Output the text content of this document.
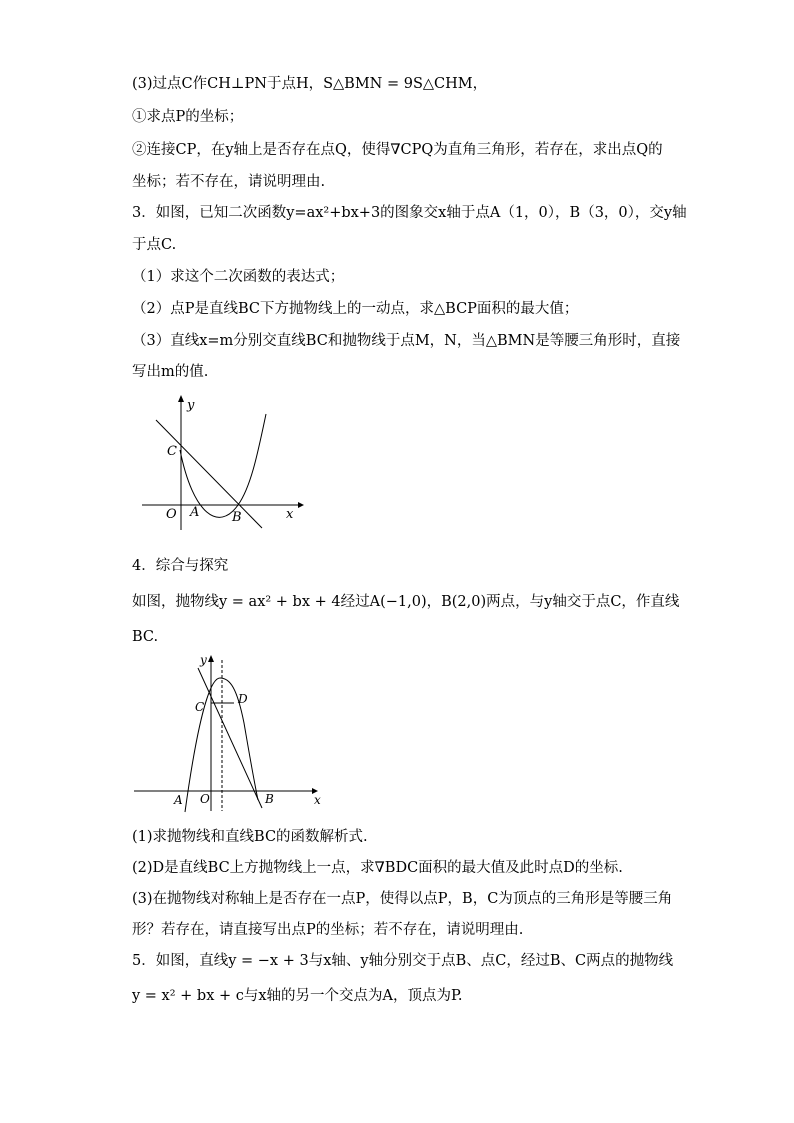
(3)过点C作CH⊥PN于点H，S△BMN = 9S△CHM，
①求点P的坐标；
②连接CP，在y轴上是否存在点Q，使得∇CPQ为直角三角形，若存在，求出点Q的
坐标；若不存在，请说明理由.
3．如图，已知二次函数y=ax²+bx+3的图象交x轴于点A（1，0），B（3，0），交y轴
于点C.
（1）求这个二次函数的表达式；
（2）点P是直线BC下方抛物线上的一动点，求△BCP面积的最大值；
（3）直线x=m分别交直线BC和抛物线于点M，N，当△BMN是等腰三角形时，直接
写出m的值.
y
x
C
O A	B
4．综合与探究
如图，抛物线y = ax² + bx + 4经过A(−1,0)，B(2,0)两点，与y轴交于点C，作直线
BC.
y
x
C
D
A O	B
(1)求抛物线和直线BC的函数解析式.
(2)D是直线BC上方抛物线上一点，求∇BDC面积的最大值及此时点D的坐标.
(3)在抛物线对称轴上是否存在一点P，使得以点P，B，C为顶点的三角形是等腰三角
形？若存在，请直接写出点P的坐标；若不存在，请说明理由.
5．如图，直线y = −x + 3与x轴、y轴分别交于点B、点C，经过B、C两点的抛物线
y = x² + bx + c与x轴的另一个交点为A，顶点为P.
